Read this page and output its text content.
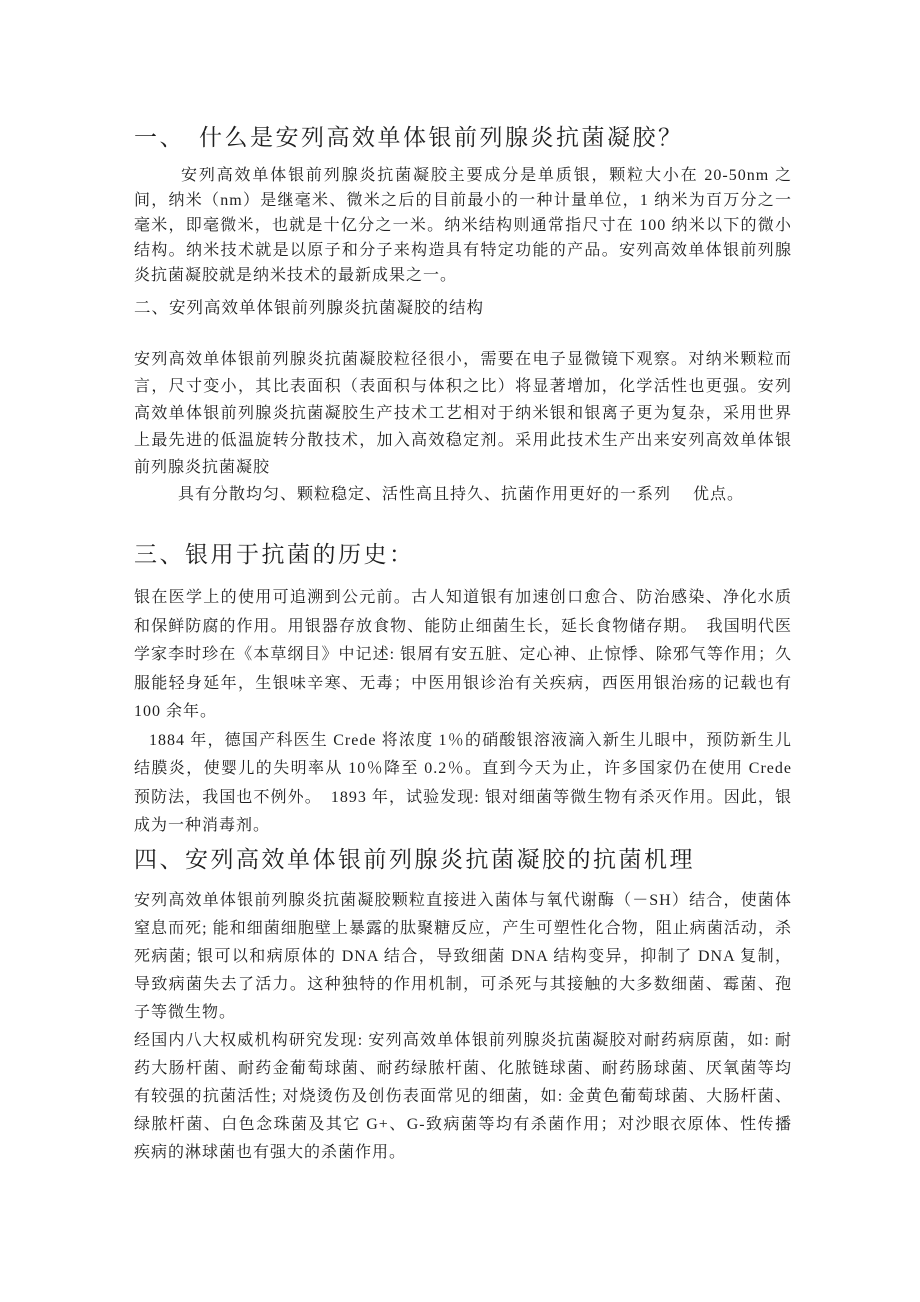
一、　什么是安列高效单体银前列腺炎抗菌凝胶？

安列高效单体银前列腺炎抗菌凝胶主要成分是单质银，颗粒大小在 20-50nm 之间，纳米（nm）是继毫米、微米之后的目前最小的一种计量单位，1 纳米为百万分之一毫米，即毫微米，也就是十亿分之一米。纳米结构则通常指尺寸在 100 纳米以下的微小结构。纳米技术就是以原子和分子来构造具有特定功能的产品。安列高效单体银前列腺炎抗菌凝胶就是纳米技术的最新成果之一。

二、安列高效单体银前列腺炎抗菌凝胶的结构

安列高效单体银前列腺炎抗菌凝胶粒径很小，需要在电子显微镜下观察。对纳米颗粒而言，尺寸变小，其比表面积（表面积与体积之比）将显著增加，化学活性也更强。安列高效单体银前列腺炎抗菌凝胶生产技术工艺相对于纳米银和银离子更为复杂，采用世界上最先进的低温旋转分散技术，加入高效稳定剂。采用此技术生产出来安列高效单体银前列腺炎抗菌凝胶

具有分散均匀、颗粒稳定、活性高且持久、抗菌作用更好的一系列　 优点。

三、银用于抗菌的历史：

银在医学上的使用可追溯到公元前。古人知道银有加速创口愈合、防治感染、净化水质和保鲜防腐的作用。用银器存放食物、能防止细菌生长，延长食物储存期。　我国明代医学家李时珍在《本草纲目》中记述: 银屑有安五脏、定心神、止惊悸、除邪气等作用；久服能轻身延年，生银味辛寒、无毒；中医用银诊治有关疾病，西医用银治疡的记载也有 100 余年。

1884 年，德国产科医生 Crede 将浓度 1％的硝酸银溶液滴入新生儿眼中，预防新生儿结膜炎，使婴儿的失明率从 10％降至 0.2％。直到今天为止，许多国家仍在使用 Crede 预防法，我国也不例外。　1893 年，试验发现: 银对细菌等微生物有杀灭作用。因此，银成为一种消毒剂。

四、安列高效单体银前列腺炎抗菌凝胶的抗菌机理

安列高效单体银前列腺炎抗菌凝胶颗粒直接进入菌体与氧代谢酶（－SH）结合，使菌体窒息而死; 能和细菌细胞壁上暴露的肽聚糖反应，产生可塑性化合物，阻止病菌活动，杀死病菌; 银可以和病原体的 DNA 结合，导致细菌 DNA 结构变异，抑制了 DNA 复制，导致病菌失去了活力。这种独特的作用机制，可杀死与其接触的大多数细菌、霉菌、孢子等微生物。

经国内八大权威机构研究发现: 安列高效单体银前列腺炎抗菌凝胶对耐药病原菌，如: 耐药大肠杆菌、耐药金葡萄球菌、耐药绿脓杆菌、化脓链球菌、耐药肠球菌、厌氧菌等均有较强的抗菌活性; 对烧烫伤及创伤表面常见的细菌，如: 金黄色葡萄球菌、大肠杆菌、绿脓杆菌、白色念珠菌及其它 G+、G-致病菌等均有杀菌作用；对沙眼衣原体、性传播疾病的淋球菌也有强大的杀菌作用。
